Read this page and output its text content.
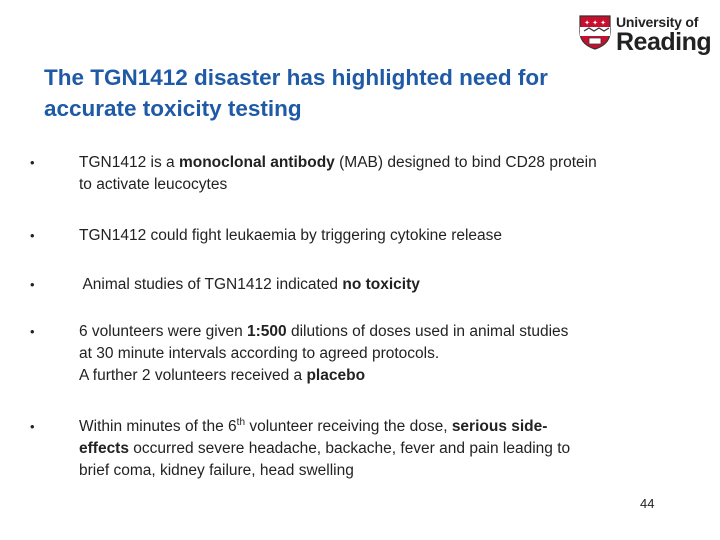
✦ ✦ ✦ University of
Reading
The TGN1412 disaster has highlighted need for
accurate toxicity testing
•	TGN1412 is a monoclonal antibody (MAB) designed to bind CD28 protein
to activate leucocytes
•	TGN1412 could fight leukaemia by triggering cytokine release
•	Animal studies of TGN1412 indicated no toxicity
•	6 volunteers were given 1:500 dilutions of doses used in animal studies
at 30 minute intervals according to agreed protocols.
A further 2 volunteers received a placebo
•	Within minutes of the 6th volunteer receiving the dose, serious side-
effects occurred severe headache, backache, fever and pain leading to
brief coma, kidney failure, head swelling
44
